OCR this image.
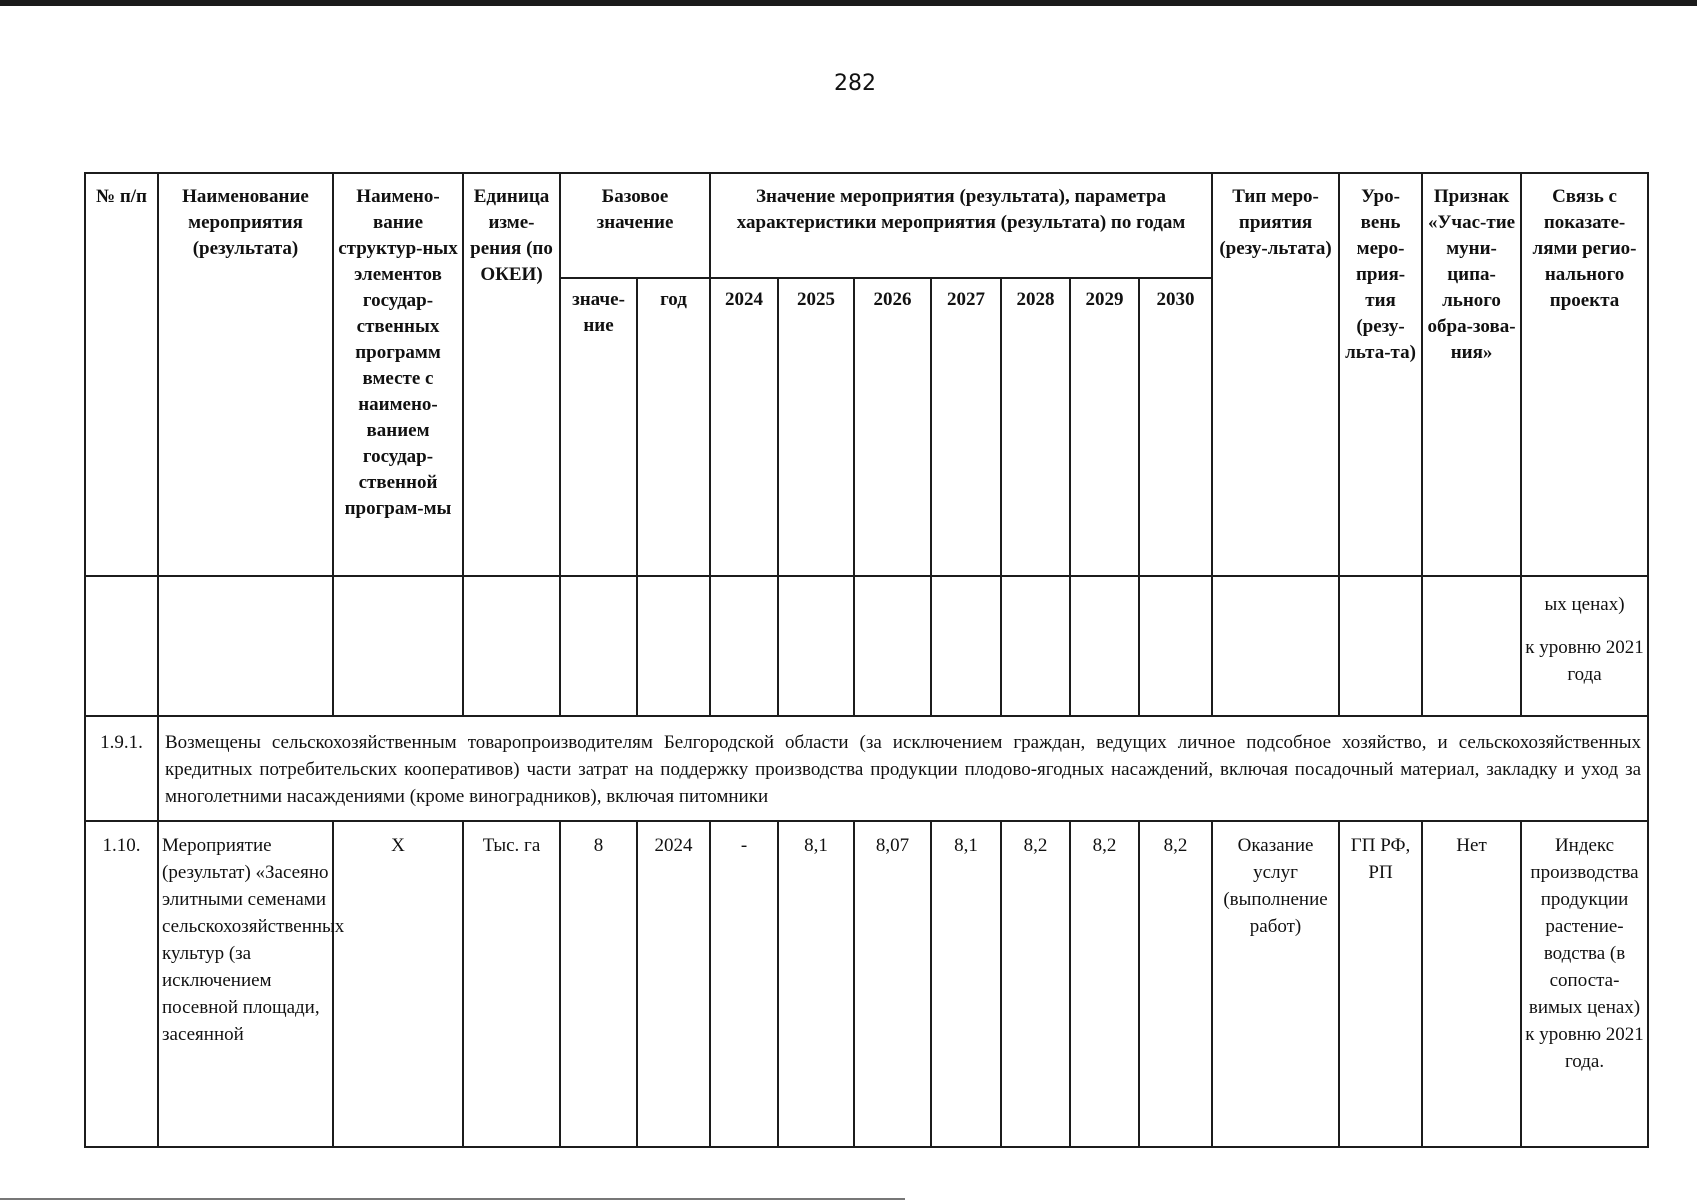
282
№ п/п	Наименование мероприятия (результата)	Наимено-вание структур-ных элементов государ-ственных программ вместе с наимено-ванием государ-ственной програм-мы	Единица изме-рения (по ОКЕИ)	Базовое значение		Значение мероприятия (результата), параметра характеристики мероприятия (результата) по годам							Тип меро-приятия (резу-льтата)	Уро-вень меро-прия-тия (резу-льта-та)	Признак «Учас-тие муни-ципа-льного обра-зова-ния»	Связь с показате-лями регио-нального проекта
				значе-ние	год	2024	2025	2026	2027	2028	2029	2030				

																ых ценах)
к уровню 2021 года

1.9.1.	Возмещены сельскохозяйственным товаропроизводителям Белгородской области (за исключением граждан, ведущих личное подсобное хозяйство, и сельскохозяйственных кредитных потребительских кооперативов) части затрат на поддержку производства продукции плодово-ягодных насаждений, включая посадочный материал, закладку и уход за многолетними насаждениями (кроме виноградников), включая питомники															
1.10.	Мероприятие (результат) «Засеяно элитными семенами сельскохозяйственных культур (за исключением посевной площади, засеянной	Х	Тыс. га	8	2024	-	8,1	8,07	8,1	8,2	8,2	8,2	Оказание услуг (выполнение работ)	ГП РФ, РП	Нет	Индекс производства продукции растение-водства (в сопоста-вимых ценах) к уровню 2021 года.
